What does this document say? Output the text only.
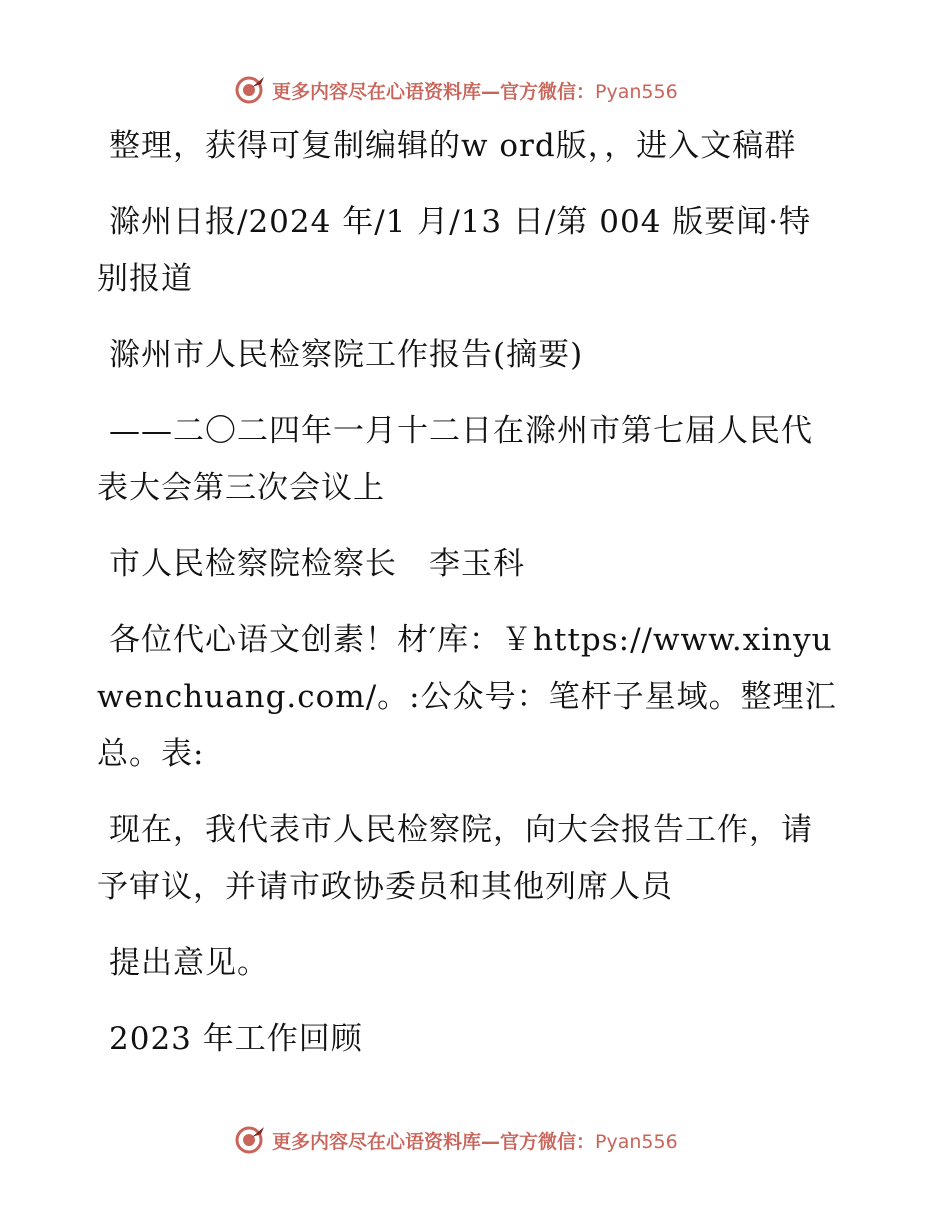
更多内容尽在心语资料库—官方微信：Pyan556

整理，获得可复制编辑的w ord版，，进入文稿群

滁州日报/2024 年/1 月/13 日/第 004 版要闻·特别报道

滁州市人民检察院工作报告(摘要)

——二〇二四年一月十二日在滁州市第七届人民代表大会第三次会议上

市人民检察院检察长　李玉科

各位代心语文创素！材′库：￥https://www.xinyuwenchuang.com/。:公众号：笔杆子星域。整理汇总。表:

现在，我代表市人民检察院，向大会报告工作，请予审议，并请市政协委员和其他列席人员

提出意见。

2023 年工作回顾

更多内容尽在心语资料库—官方微信：Pyan556
